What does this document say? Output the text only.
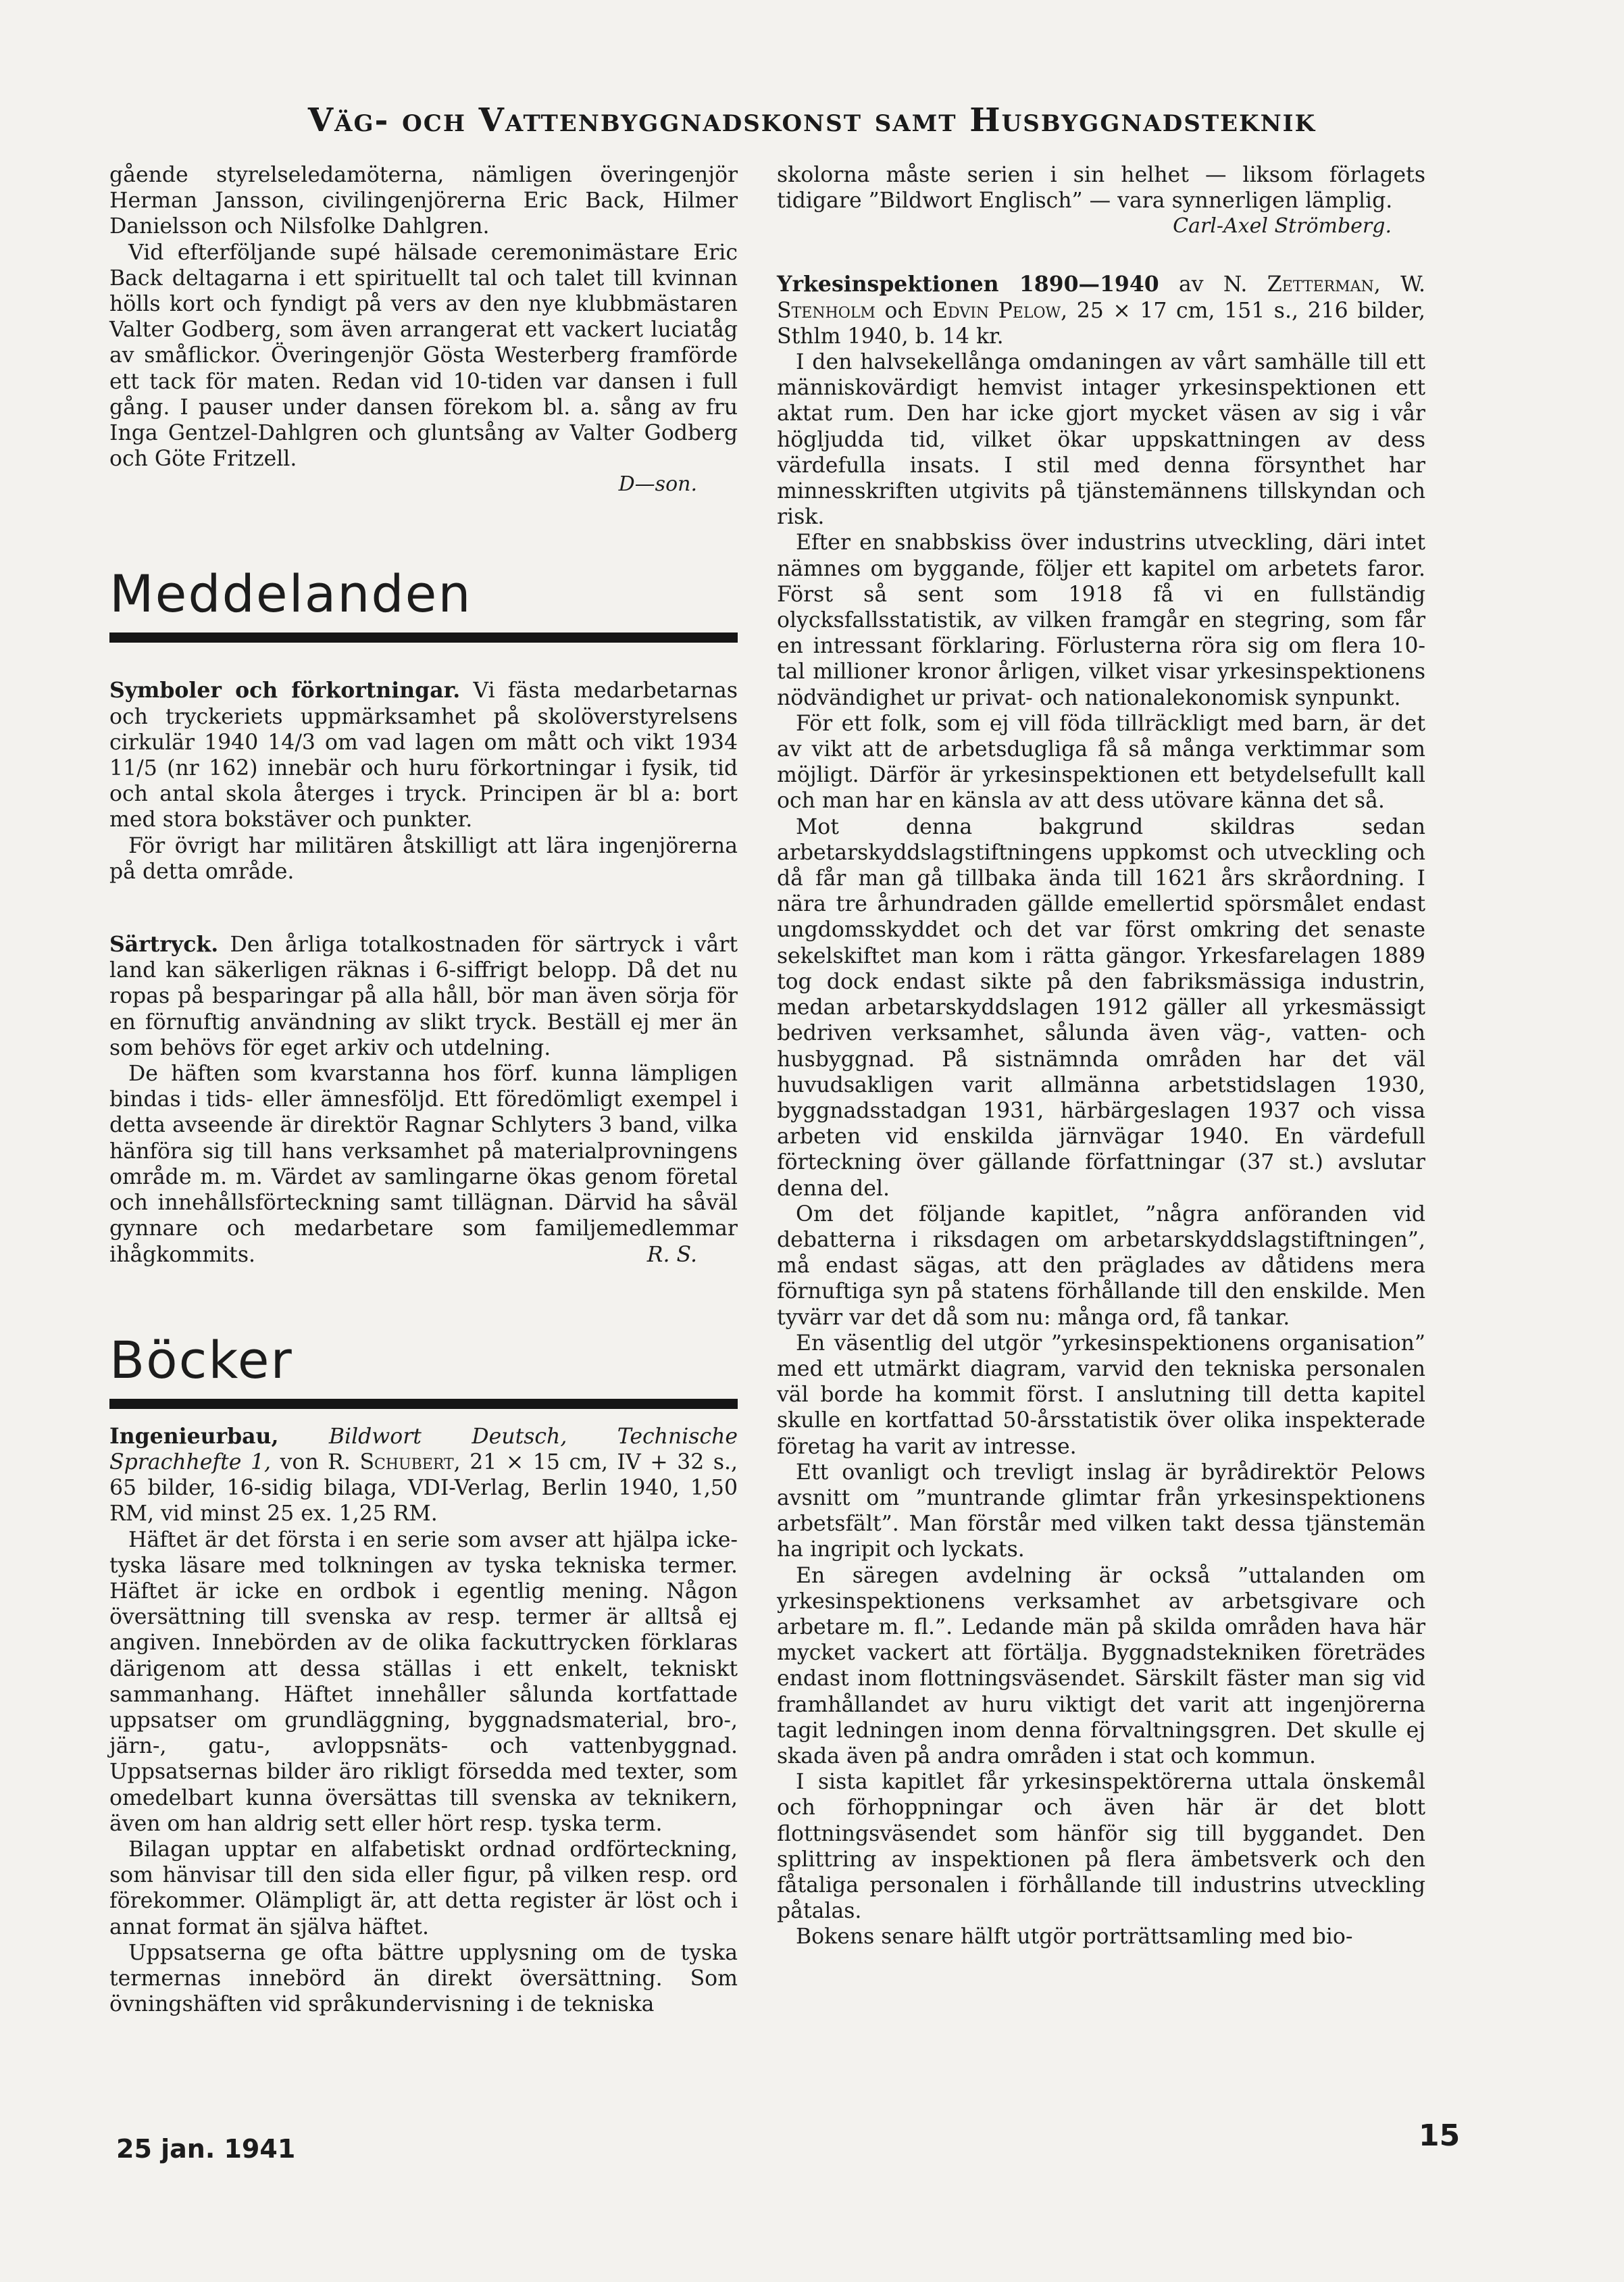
Väg- och Vattenbyggnadskonst samt Husbyggnadsteknik

gående styrelseledamöterna, nämligen överingenjör Herman Jansson, civilingenjörerna Eric Back, Hilmer Danielsson och Nilsfolke Dahlgren.

Vid efterföljande supé hälsade ceremonimästare Eric Back deltagarna i ett spirituellt tal och talet till kvinnan hölls kort och fyndigt på vers av den nye klubbmästaren Valter Godberg, som även arrangerat ett vackert luciatåg av småflickor. Överingenjör Gösta Westerberg framförde ett tack för maten. Redan vid 10-tiden var dansen i full gång. I pauser under dansen förekom bl. a. sång av fru Inga Gentzel-Dahlgren och gluntsång av Valter Godberg och Göte Fritzell.

D—son.
Meddelanden

Symboler och förkortningar. Vi fästa medarbetarnas och tryckeriets uppmärksamhet på skolöverstyrelsens cirkulär 1940 14/3 om vad lagen om mått och vikt 1934 11/5 (nr 162) innebär och huru förkortningar i fysik, tid och antal skola återges i tryck. Principen är bl a: bort med stora bokstäver och punkter.

För övrigt har militären åtskilligt att lära ingenjörerna på detta område.

Särtryck. Den årliga totalkostnaden för särtryck i vårt land kan säkerligen räknas i 6-siffrigt belopp. Då det nu ropas på besparingar på alla håll, bör man även sörja för en förnuftig användning av slikt tryck. Beställ ej mer än som behövs för eget arkiv och utdelning.

De häften som kvarstanna hos förf. kunna lämpligen bindas i tids- eller ämnesföljd. Ett föredömligt exempel i detta avseende är direktör Ragnar Schlyters 3 band, vilka hänföra sig till hans verksamhet på materialprovningens område m. m. Värdet av samlingarne ökas genom företal och innehållsförteckning samt tillägnan. Därvid ha såväl gynnare och medarbetare som familjemedlemmar ihågkommits.	R. S.

Böcker

Ingenieurbau, Bildwort Deutsch, Technische Sprachhefte 1, von R. Schubert, 21 × 15 cm, IV + 32 s., 65 bilder, 16-sidig bilaga, VDI-Verlag, Berlin 1940, 1,50 RM, vid minst 25 ex. 1,25 RM.

Häftet är det första i en serie som avser att hjälpa icke-tyska läsare med tolkningen av tyska tekniska termer. Häftet är icke en ordbok i egentlig mening. Någon översättning till svenska av resp. termer är alltså ej angiven. Innebörden av de olika fackuttrycken förklaras därigenom att dessa ställas i ett enkelt, tekniskt sammanhang. Häftet innehåller sålunda kortfattade uppsatser om grundläggning, byggnadsmaterial, bro-, järn-, gatu-, avloppsnäts- och vattenbyggnad. Uppsatsernas bilder äro rikligt försedda med texter, som omedelbart kunna översättas till svenska av teknikern, även om han aldrig sett eller hört resp. tyska term.

Bilagan upptar en alfabetiskt ordnad ordförteckning, som hänvisar till den sida eller figur, på vilken resp. ord förekommer. Olämpligt är, att detta register är löst och i annat format än själva häftet.

Uppsatserna ge ofta bättre upplysning om de tyska termernas innebörd än direkt översättning. Som övningshäften vid språkundervisning i de tekniska

skolorna måste serien i sin helhet — liksom förlagets tidigare ”Bildwort Englisch” — vara synnerligen lämplig.

Carl-Axel Strömberg.

Yrkesinspektionen 1890—1940 av N. Zetterman, W. Stenholm och Edvin Pelow, 25 × 17 cm, 151 s., 216 bilder, Sthlm 1940, b. 14 kr.

I den halvsekellånga omdaningen av vårt samhälle till ett människovärdigt hemvist intager yrkesinspektionen ett aktat rum. Den har icke gjort mycket väsen av sig i vår högljudda tid, vilket ökar uppskattningen av dess värdefulla insats. I stil med denna försynthet har minnesskriften utgivits på tjänstemännens tillskyndan och risk.

Efter en snabbskiss över industrins utveckling, däri intet nämnes om byggande, följer ett kapitel om arbetets faror. Först så sent som 1918 få vi en fullständig olycksfallsstatistik, av vilken framgår en stegring, som får en intressant förklaring. Förlusterna röra sig om flera 10-tal millioner kronor årligen, vilket visar yrkesinspektionens nödvändighet ur privat- och nationalekonomisk synpunkt.

För ett folk, som ej vill föda tillräckligt med barn, är det av vikt att de arbetsdugliga få så många verktimmar som möjligt. Därför är yrkesinspektionen ett betydelsefullt kall och man har en känsla av att dess utövare känna det så.

Mot denna bakgrund skildras sedan arbetarskyddslagstiftningens uppkomst och utveckling och då får man gå tillbaka ända till 1621 års skråordning. I nära tre århundraden gällde emellertid spörsmålet endast ungdomsskyddet och det var först omkring det senaste sekelskiftet man kom i rätta gängor. Yrkesfarelagen 1889 tog dock endast sikte på den fabriksmässiga industrin, medan arbetarskyddslagen 1912 gäller all yrkesmässigt bedriven verksamhet, sålunda även väg-, vatten- och husbyggnad. På sistnämnda områden har det väl huvudsakligen varit allmänna arbetstidslagen 1930, byggnadsstadgan 1931, härbärgeslagen 1937 och vissa arbeten vid enskilda järnvägar 1940. En värdefull förteckning över gällande författningar (37 st.) avslutar denna del.

Om det följande kapitlet, ”några anföranden vid debatterna i riksdagen om arbetarskyddslagstiftningen”, må endast sägas, att den präglades av dåtidens mera förnuftiga syn på statens förhållande till den enskilde. Men tyvärr var det då som nu: många ord, få tankar.

En väsentlig del utgör ”yrkesinspektionens organisation” med ett utmärkt diagram, varvid den tekniska personalen väl borde ha kommit först. I anslutning till detta kapitel skulle en kortfattad 50-årsstatistik över olika inspekterade företag ha varit av intresse.

Ett ovanligt och trevligt inslag är byrådirektör Pelows avsnitt om ”muntrande glimtar från yrkesinspektionens arbetsfält”. Man förstår med vilken takt dessa tjänstemän ha ingripit och lyckats.

En säregen avdelning är också ”uttalanden om yrkesinspektionens verksamhet av arbetsgivare och arbetare m. fl.”. Ledande män på skilda områden hava här mycket vackert att förtälja. Byggnadstekniken företrädes endast inom flottningsväsendet. Särskilt fäster man sig vid framhållandet av huru viktigt det varit att ingenjörerna tagit ledningen inom denna förvaltningsgren. Det skulle ej skada även på andra områden i stat och kommun.

I sista kapitlet får yrkesinspektörerna uttala önskemål och förhoppningar och även här är det blott flottningsväsendet som hänför sig till byggandet. Den splittring av inspektionen på flera ämbetsverk och den fåtaliga personalen i förhållande till industrins utveckling påtalas.

Bokens senare hälft utgör porträttsamling med bio-

25 jan. 1941	15
